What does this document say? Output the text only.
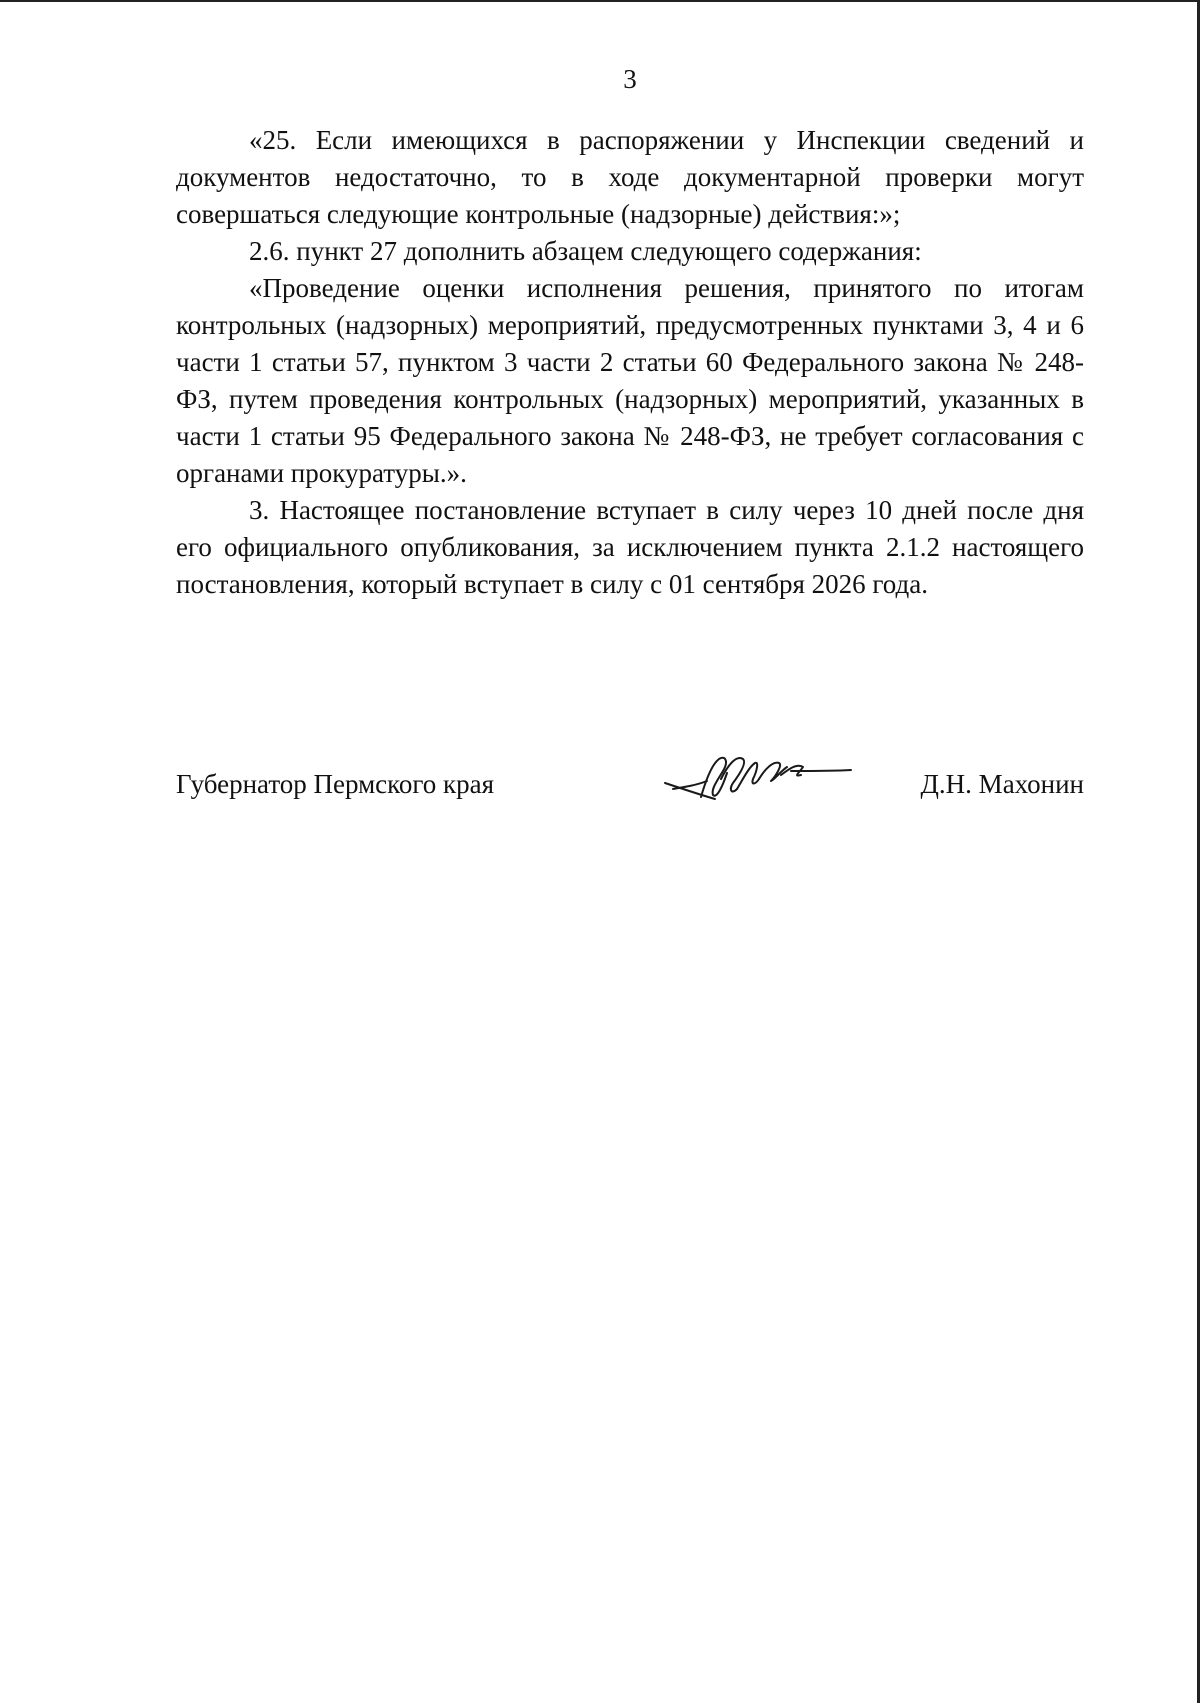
3

«25. Если имеющихся в распоряжении у Инспекции сведений и документов недостаточно, то в ходе документарной проверки могут совершаться следующие контрольные (надзорные) действия:»;

2.6. пункт 27 дополнить абзацем следующего содержания:

«Проведение оценки исполнения решения, принятого по итогам контрольных (надзорных) мероприятий, предусмотренных пунктами 3, 4 и 6 части 1 статьи 57, пунктом 3 части 2 статьи 60 Федерального закона № 248-ФЗ, путем проведения контрольных (надзорных) мероприятий, указанных в части 1 статьи 95 Федерального закона № 248-ФЗ, не требует согласования с органами прокуратуры.».

3. Настоящее постановление вступает в силу через 10 дней после дня его официального опубликования, за исключением пункта 2.1.2 настоящего постановления, который вступает в силу с 01 сентября 2026 года.

Губернатор Пермского края	Д.Н. Махонин
